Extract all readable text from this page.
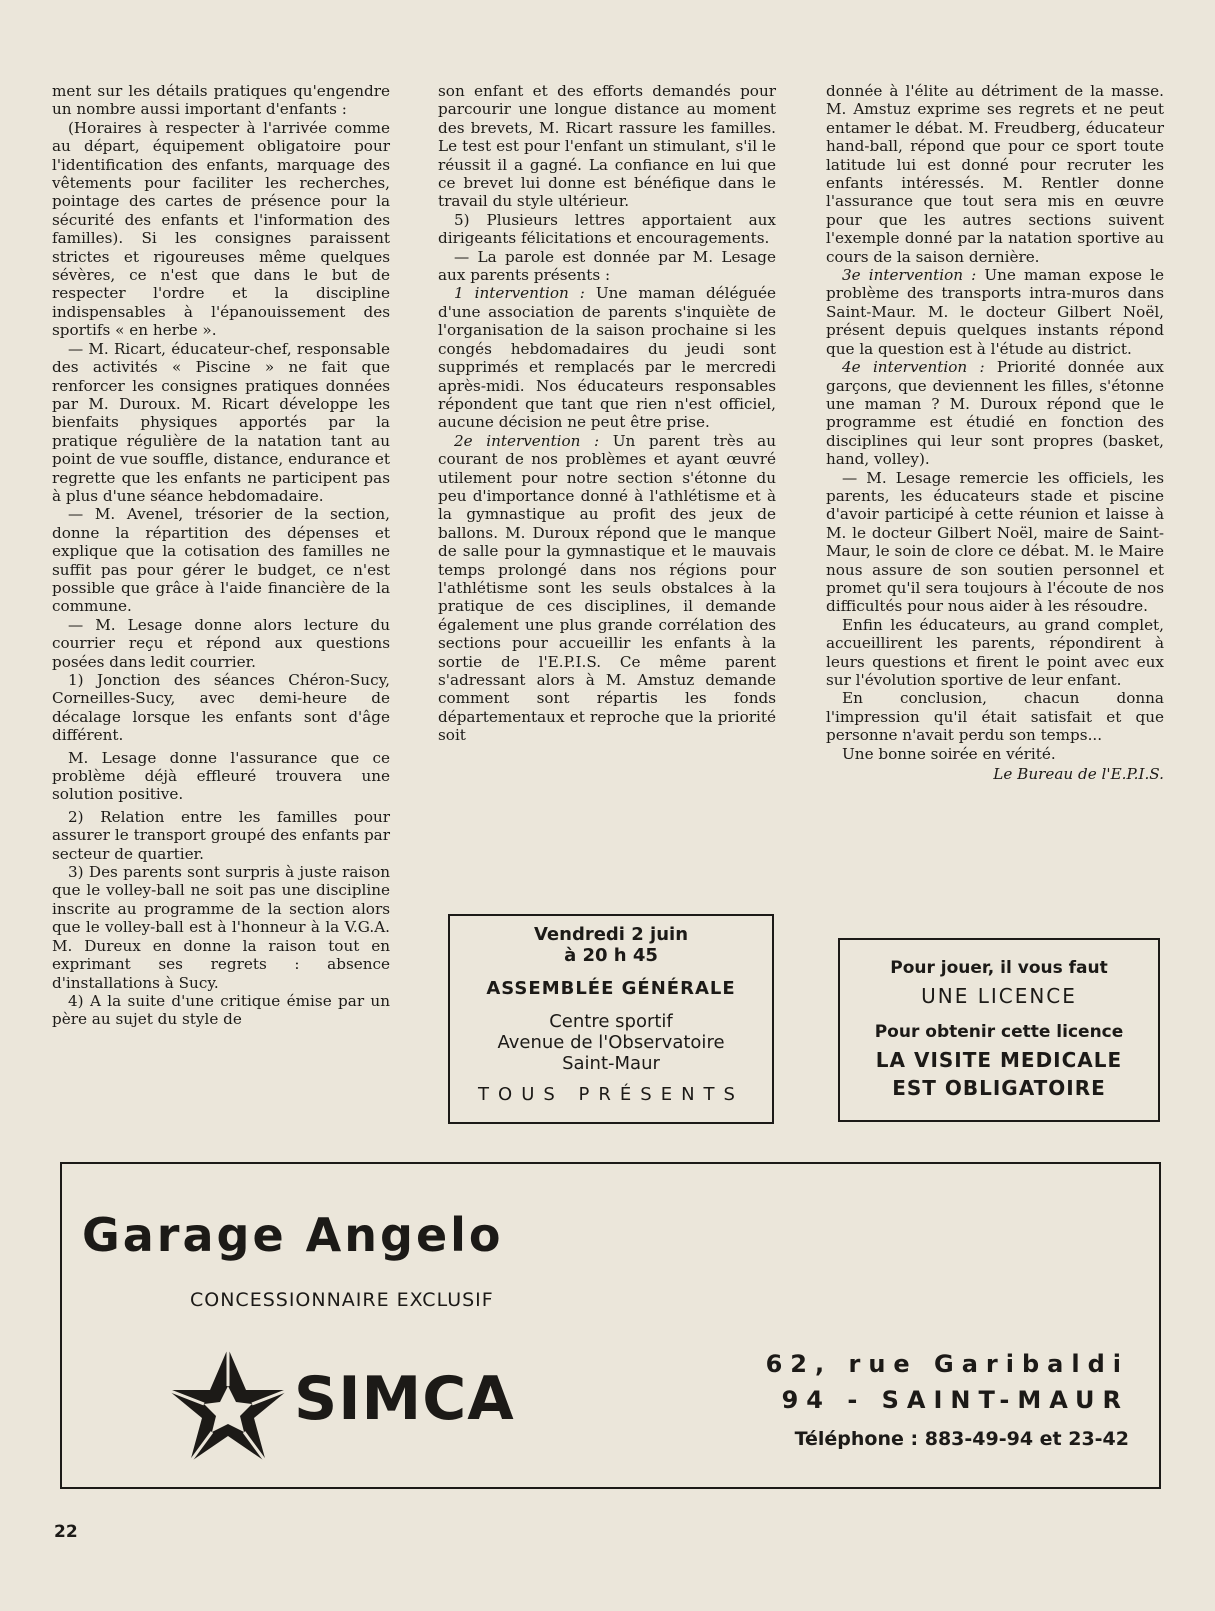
ment sur les détails pratiques qu'engendre un nombre aussi important d'enfants :

(Horaires à respecter à l'arrivée comme au départ, équipement obligatoire pour l'identification des enfants, marquage des vêtements pour faciliter les recherches, pointage des cartes de présence pour la sécurité des enfants et l'information des familles). Si les consignes paraissent strictes et rigoureuses même quelques sévères, ce n'est que dans le but de respecter l'ordre et la discipline indispensables à l'épanouissement des sportifs « en herbe ».

— M. Ricart, éducateur-chef, responsable des activités « Piscine » ne fait que renforcer les consignes pratiques données par M. Duroux. M. Ricart développe les bienfaits physiques apportés par la pratique régulière de la natation tant au point de vue souffle, distance, endurance et regrette que les enfants ne participent pas à plus d'une séance hebdomadaire.

— M. Avenel, trésorier de la section, donne la répartition des dépenses et explique que la cotisation des familles ne suffit pas pour gérer le budget, ce n'est possible que grâce à l'aide financière de la commune.

— M. Lesage donne alors lecture du courrier reçu et répond aux questions posées dans ledit courrier.

1) Jonction des séances Chéron-Sucy, Corneilles-Sucy, avec demi-heure de décalage lorsque les enfants sont d'âge différent.

M. Lesage donne l'assurance que ce problème déjà effleuré trouvera une solution positive.

2) Relation entre les familles pour assurer le transport groupé des enfants par secteur de quartier.

3) Des parents sont surpris à juste raison que le volley-ball ne soit pas une discipline inscrite au programme de la section alors que le volley-ball est à l'honneur à la V.G.A. M. Dureux en donne la raison tout en exprimant ses regrets : absence d'installations à Sucy.

4) A la suite d'une critique émise par un père au sujet du style de

son enfant et des efforts demandés pour parcourir une longue distance au moment des brevets, M. Ricart rassure les familles. Le test est pour l'enfant un stimulant, s'il le réussit il a gagné. La confiance en lui que ce brevet lui donne est bénéfique dans le travail du style ultérieur.

5) Plusieurs lettres apportaient aux dirigeants félicitations et encouragements.

— La parole est donnée par M. Lesage aux parents présents :

1 intervention : Une maman déléguée d'une association de parents s'inquiète de l'organisation de la saison prochaine si les congés hebdomadaires du jeudi sont supprimés et remplacés par le mercredi après-midi. Nos éducateurs responsables répondent que tant que rien n'est officiel, aucune décision ne peut être prise.

2e intervention : Un parent très au courant de nos problèmes et ayant œuvré utilement pour notre section s'étonne du peu d'importance donné à l'athlétisme et à la gymnastique au profit des jeux de ballons. M. Duroux répond que le manque de salle pour la gymnastique et le mauvais temps prolongé dans nos régions pour l'athlétisme sont les seuls obstalces à la pratique de ces disciplines, il demande également une plus grande corrélation des sections pour accueillir les enfants à la sortie de l'E.P.I.S. Ce même parent s'adressant alors à M. Amstuz demande comment sont répartis les fonds départementaux et reproche que la priorité soit

donnée à l'élite au détriment de la masse. M. Amstuz exprime ses regrets et ne peut entamer le débat. M. Freudberg, éducateur hand-ball, répond que pour ce sport toute latitude lui est donné pour recruter les enfants intéressés. M. Rentler donne l'assurance que tout sera mis en œuvre pour que les autres sections suivent l'exemple donné par la natation sportive au cours de la saison dernière.

3e intervention : Une maman expose le problème des transports intra-muros dans Saint-Maur. M. le docteur Gilbert Noël, présent depuis quelques instants répond que la question est à l'étude au district.

4e intervention : Priorité donnée aux garçons, que deviennent les filles, s'étonne une maman ? M. Duroux répond que le programme est étudié en fonction des disciplines qui leur sont propres (basket, hand, volley).

— M. Lesage remercie les officiels, les parents, les éducateurs stade et piscine d'avoir participé à cette réunion et laisse à M. le docteur Gilbert Noël, maire de Saint-Maur, le soin de clore ce débat. M. le Maire nous assure de son soutien personnel et promet qu'il sera toujours à l'écoute de nos difficultés pour nous aider à les résoudre.

Enfin les éducateurs, au grand complet, accueillirent les parents, répondirent à leurs questions et firent le point avec eux sur l'évolution sportive de leur enfant.

En conclusion, chacun donna l'impression qu'il était satisfait et que personne n'avait perdu son temps...

Une bonne soirée en vérité.

Le Bureau de l'E.P.I.S.

Vendredi 2 juin

à 20 h 45

ASSEMBLÉE GÉNÉRALE

Centre sportif

Avenue de l'Observatoire

Saint-Maur

TOUS PRÉSENTS

Pour jouer, il vous faut

UNE LICENCE

Pour obtenir cette licence

LA VISITE MEDICALE

EST OBLIGATOIRE

Garage Angelo
CONCESSIONNAIRE EXCLUSIF
SIMCA	62, rue Garibaldi
94 - SAINT-MAUR
Téléphone : 883-49-94 et 23-42
22
